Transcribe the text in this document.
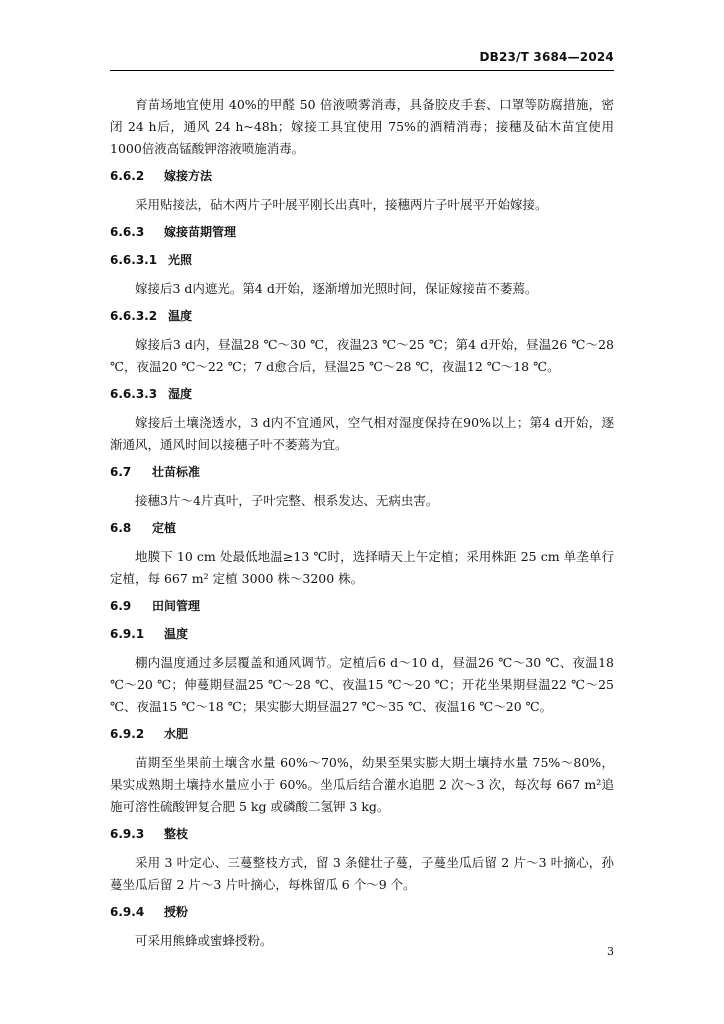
DB23/T 3684—2024

育苗场地宜使用 40%的甲醛 50 倍液喷雾消毒，具备胶皮手套、口罩等防腐措施，密闭 24 h后，通风 24 h~48h；嫁接工具宜使用 75%的酒精消毒；接穗及砧木苗宜使用1000倍液高锰酸钾溶液喷施消毒。

6.6.2	嫁接方法

采用贴接法，砧木两片子叶展平刚长出真叶，接穗两片子叶展平开始嫁接。

6.6.3	嫁接苗期管理
6.6.3.1 光照

嫁接后3 d内遮光。第4 d开始，逐渐增加光照时间，保证嫁接苗不萎蔫。

6.6.3.2 温度

嫁接后3 d内，昼温28 ℃～30 ℃，夜温23 ℃～25 ℃；第4 d开始，昼温26 ℃～28 ℃，夜温20 ℃～22 ℃；7 d愈合后，昼温25 ℃～28 ℃，夜温12 ℃～18 ℃。

6.6.3.3 湿度

嫁接后土壤浇透水，3 d内不宜通风，空气相对湿度保持在90%以上；第4 d开始，逐渐通风，通风时间以接穗子叶不萎蔫为宜。

6.7	壮苗标准

接穗3片～4片真叶，子叶完整、根系发达、无病虫害。

6.8	定植

地膜下 10 cm 处最低地温≥13 ℃时，选择晴天上午定植；采用株距 25 cm 单垄单行定植，每 667 m² 定植 3000 株～3200 株。

6.9	田间管理
6.9.1	温度

棚内温度通过多层覆盖和通风调节。定植后6 d～10 d，昼温26 ℃～30 ℃、夜温18 ℃～20 ℃；伸蔓期昼温25 ℃～28 ℃、夜温15 ℃～20 ℃；开花坐果期昼温22 ℃～25 ℃、夜温15 ℃～18 ℃；果实膨大期昼温27 ℃～35 ℃、夜温16 ℃～20 ℃。

6.9.2	水肥

苗期至坐果前土壤含水量 60%～70%，幼果至果实膨大期土壤持水量 75%～80%，果实成熟期土壤持水量应小于 60%。坐瓜后结合灌水追肥 2 次～3 次，每次每 667 m²追施可溶性硫酸钾复合肥 5 kg 或磷酸二氢钾 3 kg。

6.9.3	整枝

采用 3 叶定心、三蔓整枝方式，留 3 条健壮子蔓，子蔓坐瓜后留 2 片～3 叶摘心，孙蔓坐瓜后留 2 片～3 片叶摘心，每株留瓜 6 个～9 个。

6.9.4	授粉

可采用熊蜂或蜜蜂授粉。

3
